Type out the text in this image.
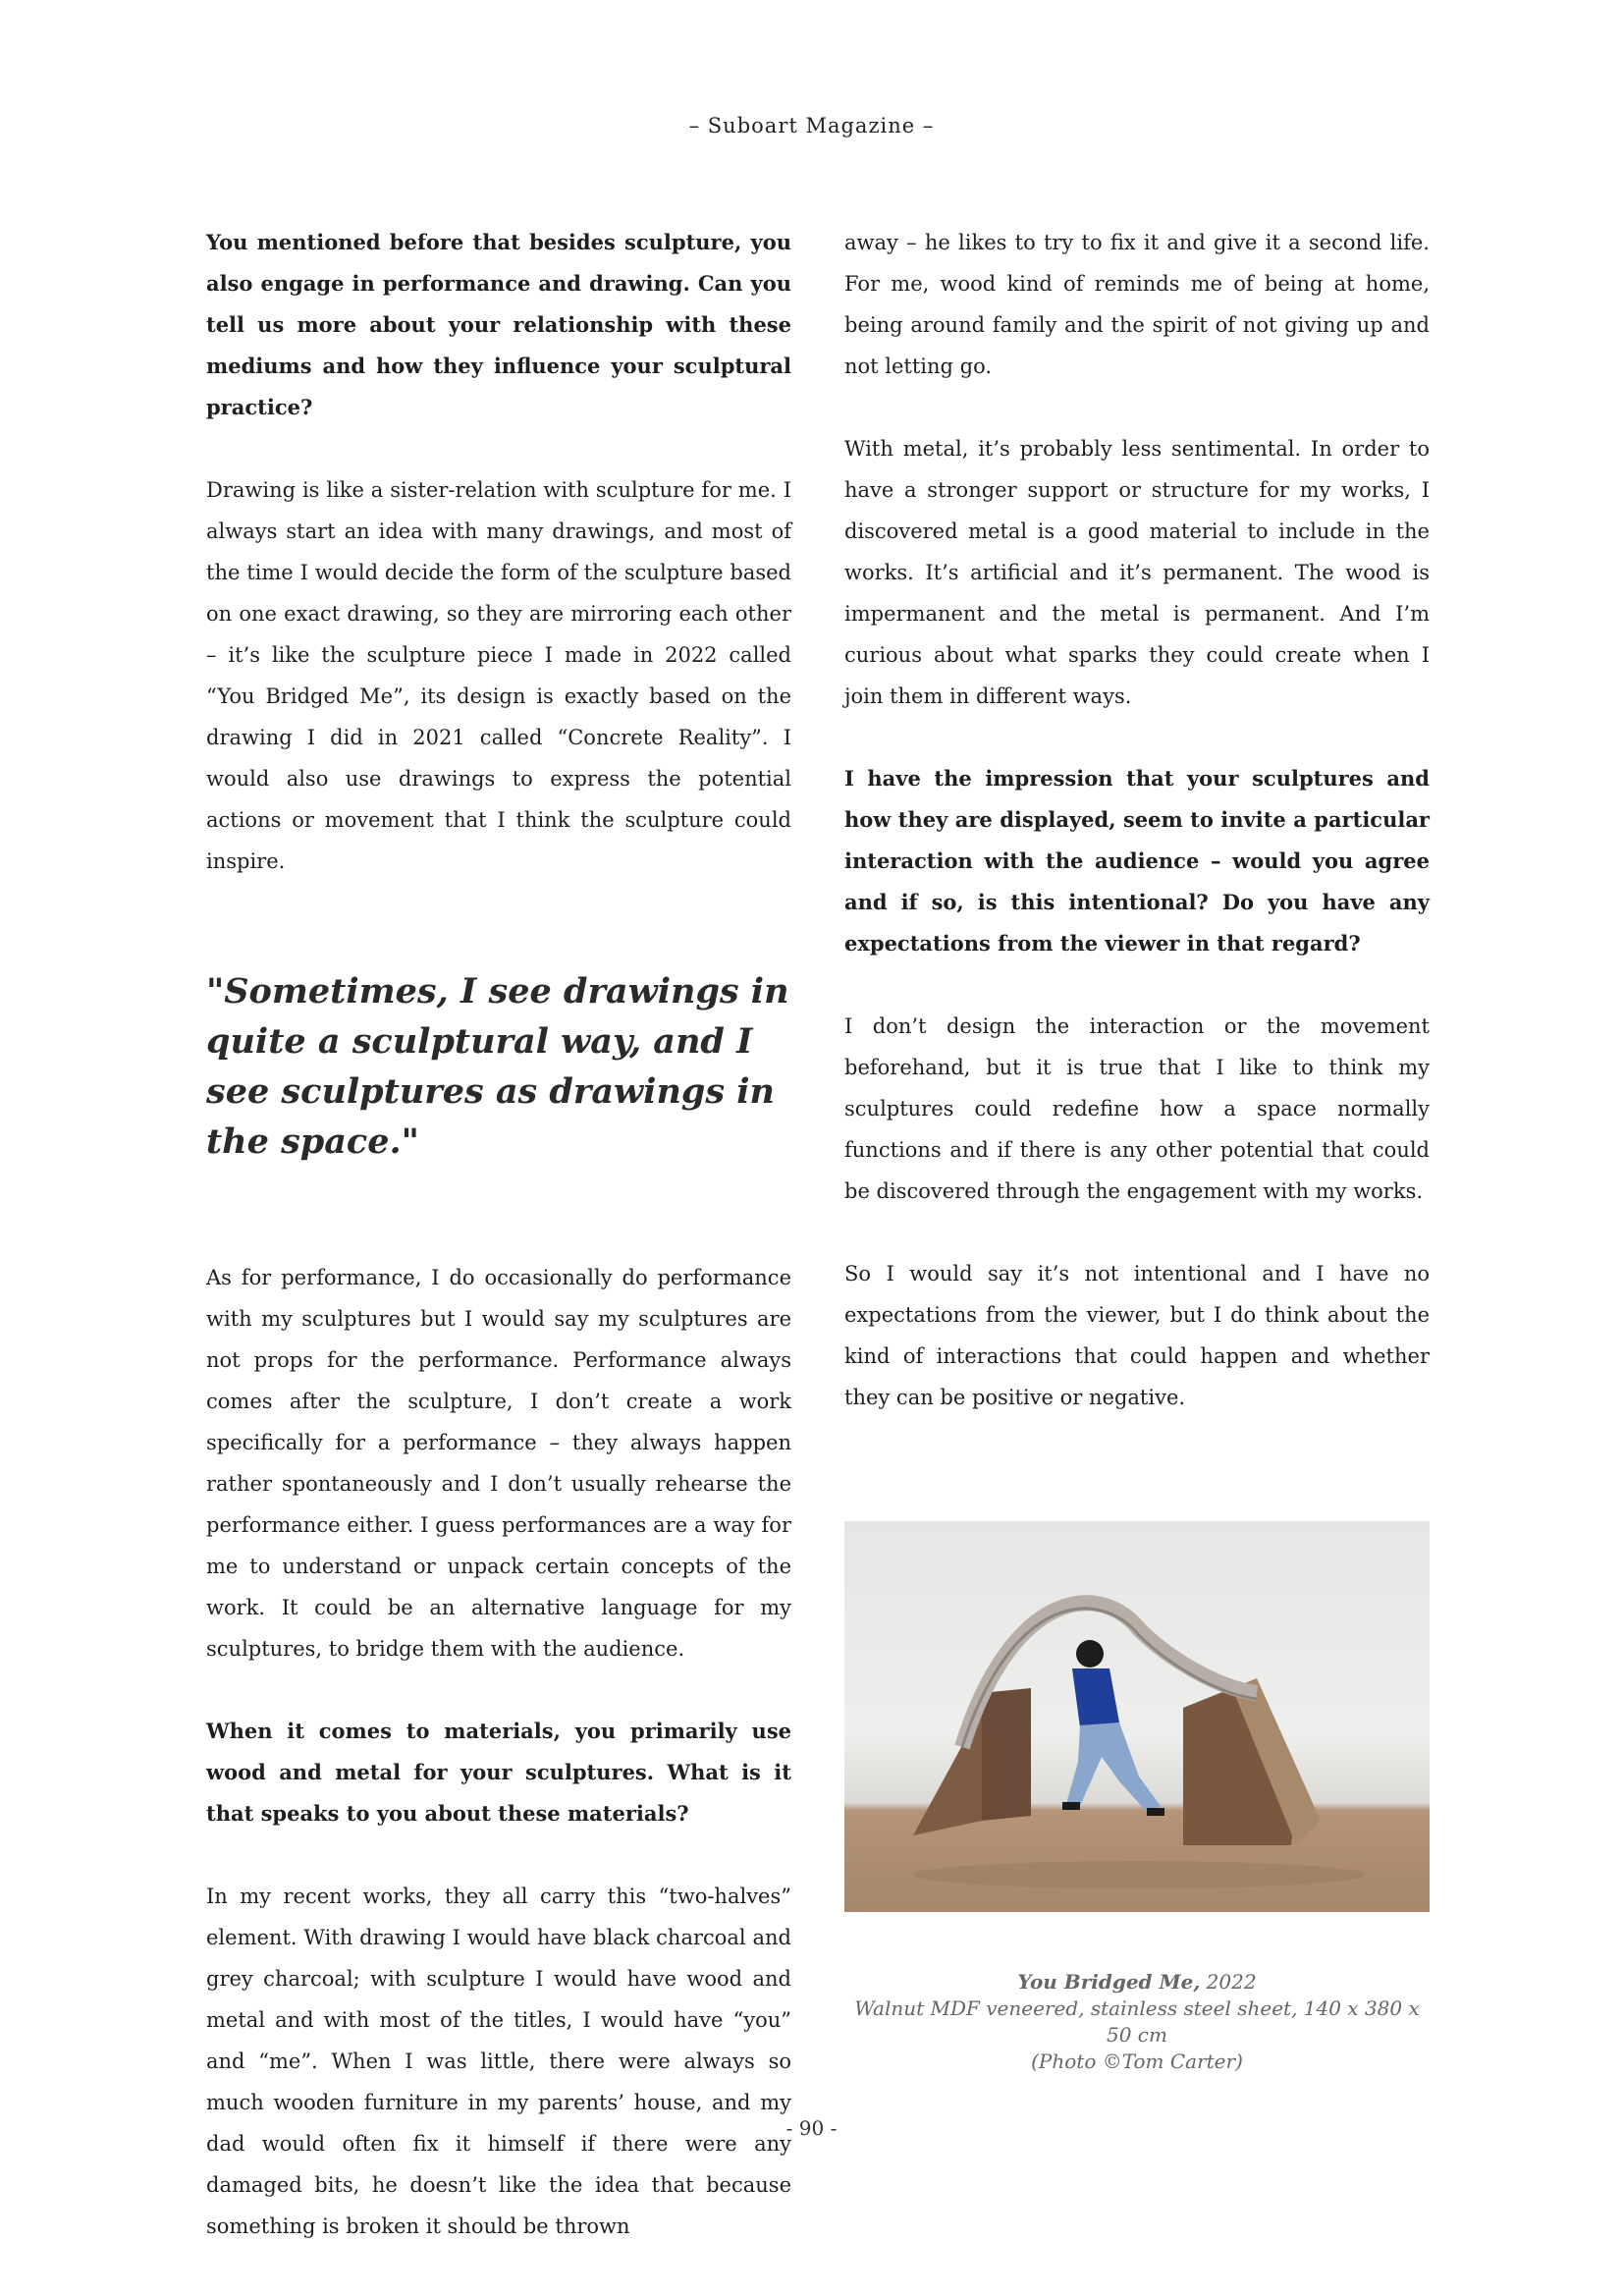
– Suboart Magazine –

You mentioned before that besides sculpture, you also engage in performance and drawing. Can you tell us more about your relationship with these mediums and how they influence your sculptural practice?

Drawing is like a sister-relation with sculpture for me. I always start an idea with many drawings, and most of the time I would decide the form of the sculpture based on one exact drawing, so they are mirroring each other – it’s like the sculpture piece I made in 2022 called “You Bridged Me”, its design is exactly based on the drawing I did in 2021 called “Concrete Reality”. I would also use drawings to express the potential actions or movement that I think the sculpture could inspire.

"Sometimes, I see drawings in quite a sculptural way, and I see sculptures as drawings in the space."

As for performance, I do occasionally do performance with my sculptures but I would say my sculptures are not props for the performance. Performance always comes after the sculpture, I don’t create a work specifically for a performance – they always happen rather spontaneously and I don’t usually rehearse the performance either. I guess performances are a way for me to understand or unpack certain concepts of the work. It could be an alternative language for my sculptures, to bridge them with the audience.

When it comes to materials, you primarily use wood and metal for your sculptures. What is it that speaks to you about these materials?

In my recent works, they all carry this “two-halves” element. With drawing I would have black charcoal and grey charcoal; with sculpture I would have wood and metal and with most of the titles, I would have “you” and “me”. When I was little, there were always so much wooden furniture in my parents’ house, and my dad would often fix it himself if there were any damaged bits, he doesn’t like the idea that because something is broken it should be thrown

away – he likes to try to fix it and give it a second life. For me, wood kind of reminds me of being at home, being around family and the spirit of not giving up and not letting go.

With metal, it’s probably less sentimental. In order to have a stronger support or structure for my works, I discovered metal is a good material to include in the works. It’s artificial and it’s permanent. The wood is impermanent and the metal is permanent. And I’m curious about what sparks they could create when I join them in different ways.

I have the impression that your sculptures and how they are displayed, seem to invite a particular interaction with the audience – would you agree and if so, is this intentional? Do you have any expectations from the viewer in that regard?

I don’t design the interaction or the movement beforehand, but it is true that I like to think my sculptures could redefine how a space normally functions and if there is any other potential that could be discovered through the engagement with my works.

So I would say it’s not intentional and I have no expectations from the viewer, but I do think about the kind of interactions that could happen and whether they can be positive or negative.

You Bridged Me, 2022
Walnut MDF veneered, stainless steel sheet, 140 x 380 x 50 cm
(Photo ©Tom Carter)
- 90 -
